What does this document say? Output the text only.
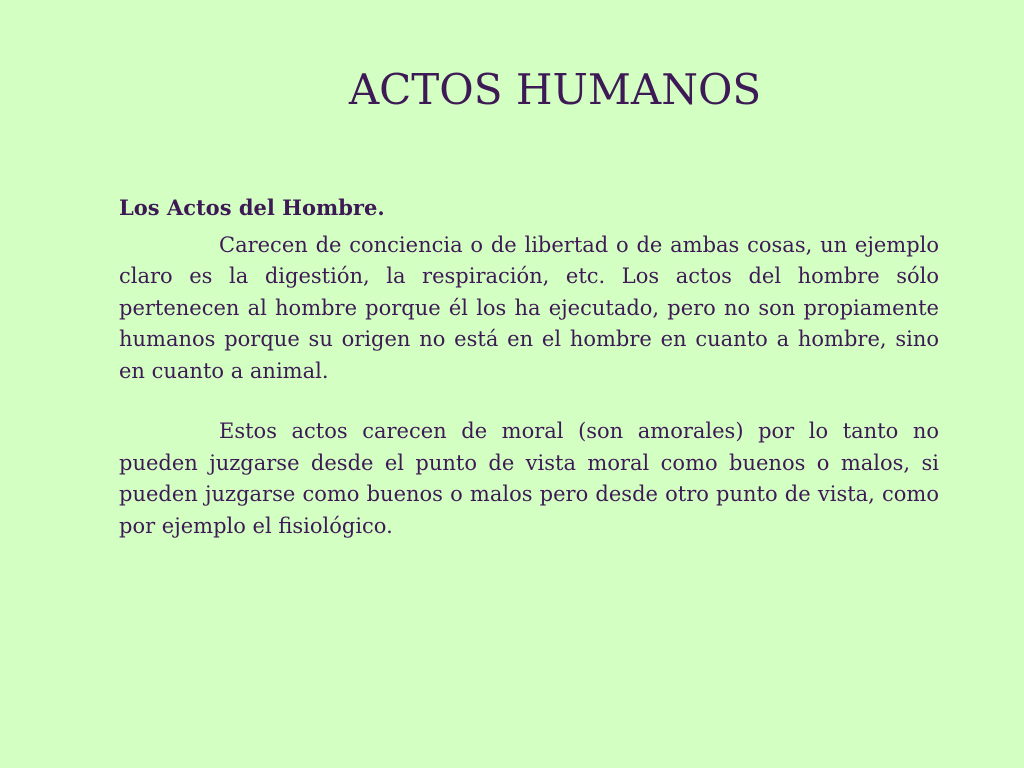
ACTOS HUMANOS

Los Actos del Hombre.

Carecen de conciencia o de libertad o de ambas cosas, un ejemplo claro es la digestión, la respiración, etc. Los actos del hombre sólo pertenecen al hombre porque él los ha ejecutado, pero no son propiamente humanos porque su origen no está en el hombre en cuanto a hombre, sino en cuanto a animal.

Estos actos carecen de moral (son amorales) por lo tanto no pueden juzgarse desde el punto de vista moral como buenos o malos, si pueden juzgarse como buenos o malos pero desde otro punto de vista, como por ejemplo el fisiológico.
